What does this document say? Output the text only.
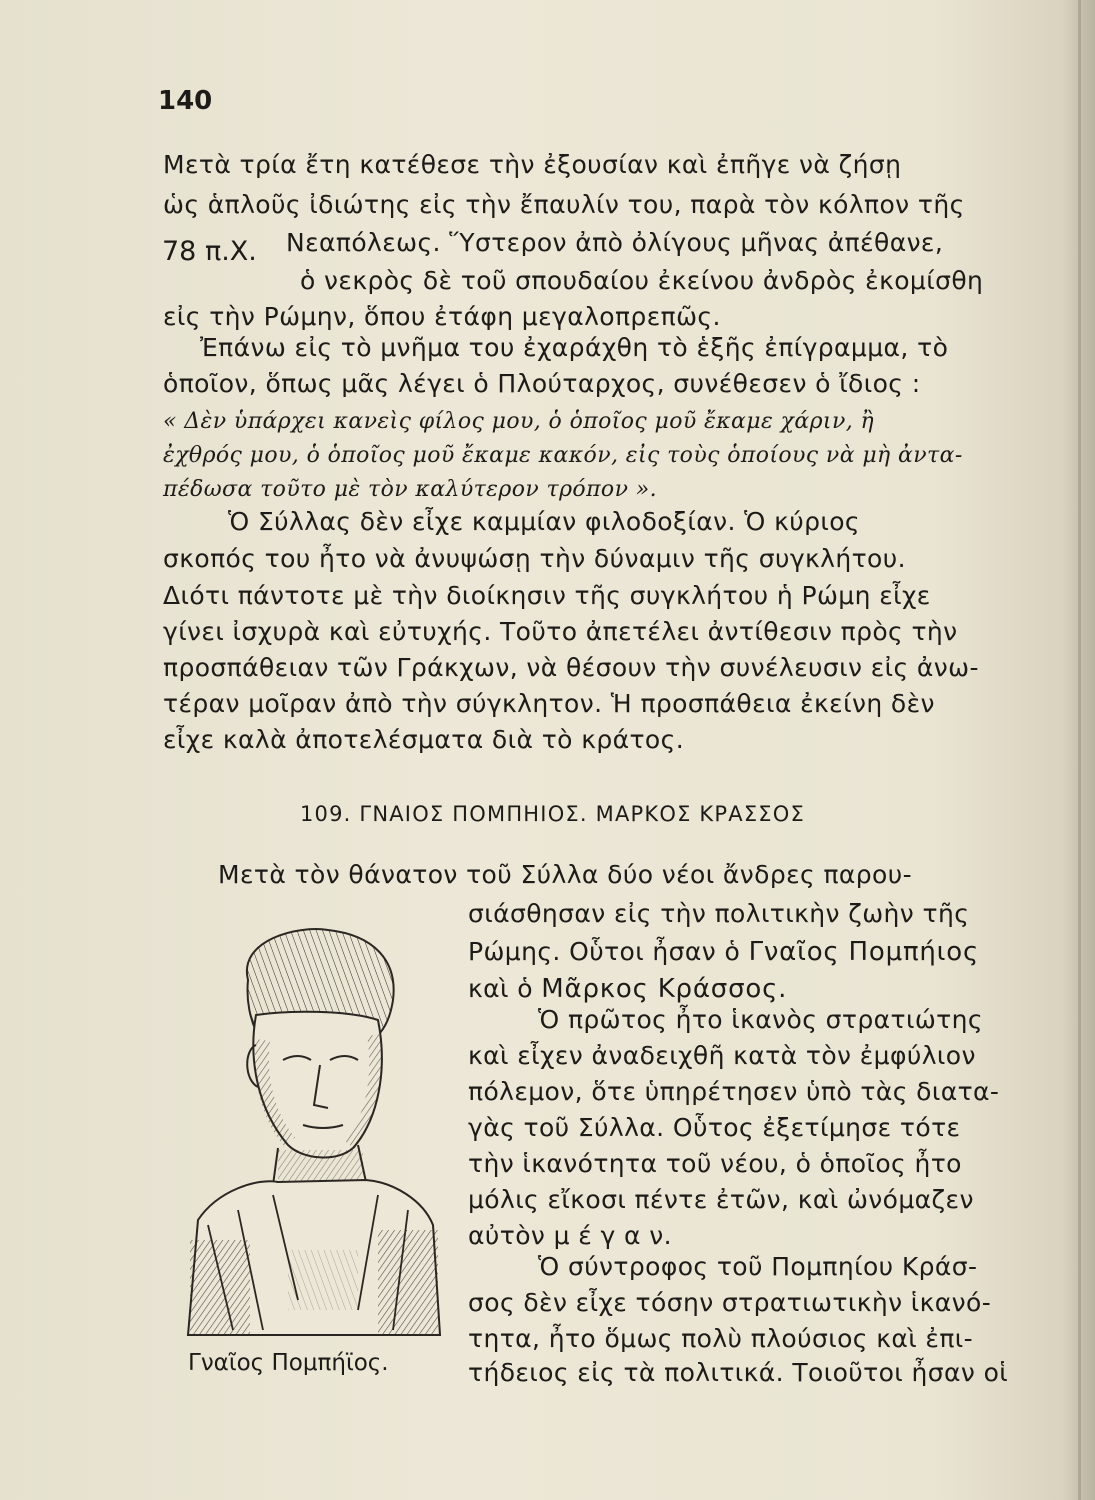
140
78 π.Χ.
Μετὰ τρία ἔτη κατέθεσε τὴν ἐξουσίαν καὶ ἐπῆγε νὰ ζήσῃ
ὡς ἁπλοῦς ἰδιώτης εἰς τὴν ἔπαυλίν του, παρὰ τὸν κόλπον τῆς
Νεαπόλεως. Ὕστερον ἀπὸ ὀλίγους μῆνας ἀπέθανε,
ὁ νεκρὸς δὲ τοῦ σπουδαίου ἐκείνου ἀνδρὸς ἐκομίσθη
εἰς τὴν Ρώμην, ὅπου ἐτάφη μεγαλοπρεπῶς.
Ἐπάνω εἰς τὸ μνῆμα του ἐχαράχθη τὸ ἑξῆς ἐπίγραμμα, τὸ
ὁποῖον, ὅπως μᾶς λέγει ὁ Πλούταρχος, συνέθεσεν ὁ ἴδιος :
« Δὲν ὑπάρχει κανεὶς φίλος μου, ὁ ὁποῖος μοῦ ἔκαμε χάριν, ἢ
ἐχθρός μου, ὁ ὁποῖος μοῦ ἔκαμε κακόν, εἰς τοὺς ὁποίους νὰ μὴ ἀντα-
πέδωσα τοῦτο μὲ τὸν καλύτερον τρόπον ».
Ὁ Σύλλας δὲν εἶχε καμμίαν φιλοδοξίαν. Ὁ κύριος
σκοπός του ἦτο νὰ ἀνυψώσῃ τὴν δύναμιν τῆς συγκλήτου.
Διότι πάντοτε μὲ τὴν διοίκησιν τῆς συγκλήτου ἡ Ρώμη εἶχε
γίνει ἰσχυρὰ καὶ εὐτυχής. Τοῦτο ἀπετέλει ἀντίθεσιν πρὸς τὴν
προσπάθειαν τῶν Γράκχων, νὰ θέσουν τὴν συνέλευσιν εἰς ἀνω-
τέραν μοῖραν ἀπὸ τὴν σύγκλητον. Ἡ προσπάθεια ἐκείνη δὲν
εἶχε καλὰ ἀποτελέσματα διὰ τὸ κράτος.
109. ΓΝΑΙΟΣ ΠΟΜΠΗΙΟΣ. ΜΑΡΚΟΣ ΚΡΑΣΣΟΣ
Μετὰ τὸν θάνατον τοῦ Σύλλα δύο νέοι ἄνδρες παρου-
σιάσθησαν εἰς τὴν πολιτικὴν ζωὴν τῆς
Ρώμης. Οὗτοι ἦσαν ὁ Γναῖος Πομπήιος
καὶ ὁ Μᾶρκος Κράσσος.
Ὁ πρῶτος ἦτο ἱκανὸς στρατιώτης
καὶ εἶχεν ἀναδειχθῆ κατὰ τὸν ἐμφύλιον
πόλεμον, ὅτε ὑπηρέτησεν ὑπὸ τὰς διατα-
γὰς τοῦ Σύλλα. Οὗτος ἐξετίμησε τότε
τὴν ἱκανότητα τοῦ νέου, ὁ ὁποῖος ἦτο
μόλις εἴκοσι πέντε ἐτῶν, καὶ ὠνόμαζεν
αὐτὸν μ έ γ α ν.
Ὁ σύντροφος τοῦ Πομπηίου Κράσ-
σος δὲν εἶχε τόσην στρατιωτικὴν ἱκανό-
τητα, ἦτο ὅμως πολὺ πλούσιος καὶ ἐπι-
τήδειος εἰς τὰ πολιτικά. Τοιοῦτοι ἦσαν οἱ
Γναῖος Πομπήϊος.
